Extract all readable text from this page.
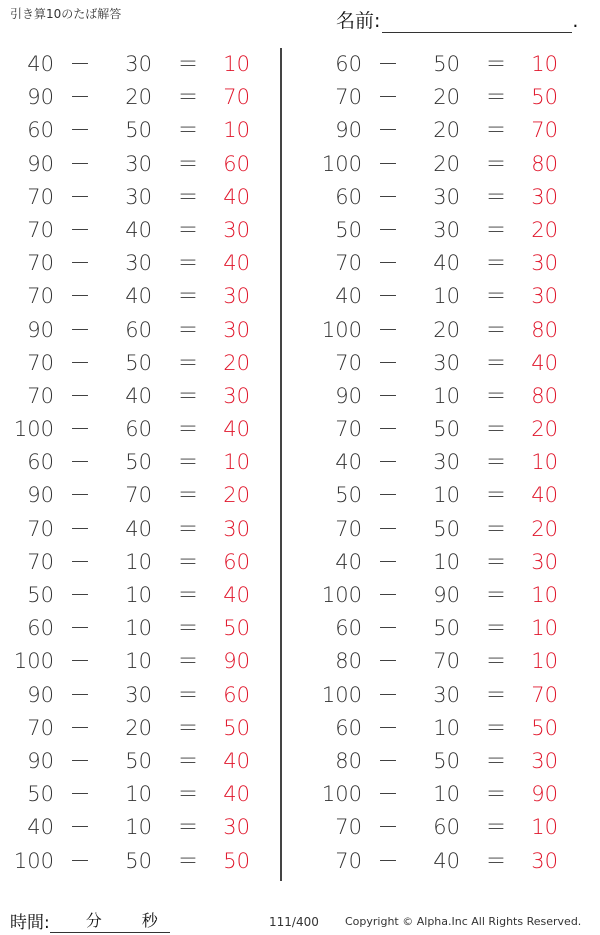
引き算10のたば解答	名前:	.
40 －	30 ＝	10
90 －	20 ＝	70
60 －	50 ＝	10
90 －	30 ＝	60
70 －	30 ＝	40
70 －	40 ＝	30
70 －	30 ＝	40
70 －	40 ＝	30
90 －	60 ＝	30
70 －	50 ＝	20
70 －	40 ＝	30
100 －	60 ＝	40
60 －	50 ＝	10
90 －	70 ＝	20
70 －	40 ＝	30
70 －	10 ＝	60
50 －	10 ＝	40
60 －	10 ＝	50
100 －	10 ＝	90
90 －	30 ＝	60
70 －	20 ＝	50
90 －	50 ＝	40
50 －	10 ＝	40
40 －	10 ＝	30
100 －	50 ＝	50
60 －	50 ＝	10
70 －	20 ＝	50
90 －	20 ＝	70
100 －	20 ＝	80
60 －	30 ＝	30
50 －	30 ＝	20
70 －	40 ＝	30
40 －	10 ＝	30
100 －	20 ＝	80
70 －	30 ＝	40
90 －	10 ＝	80
70 －	50 ＝	20
40 －	30 ＝	10
50 －	10 ＝	40
70 －	50 ＝	20
40 －	10 ＝	30
100 －	90 ＝	10
60 －	50 ＝	10
80 －	70 ＝	10
100 －	30 ＝	70
60 －	10 ＝	50
80 －	50 ＝	30
100 －	10 ＝	90
70 －	60 ＝	10
70 －	40 ＝	30
時間: 分 秒	111/400 Copyright © Alpha.Inc All Rights Reserved.
